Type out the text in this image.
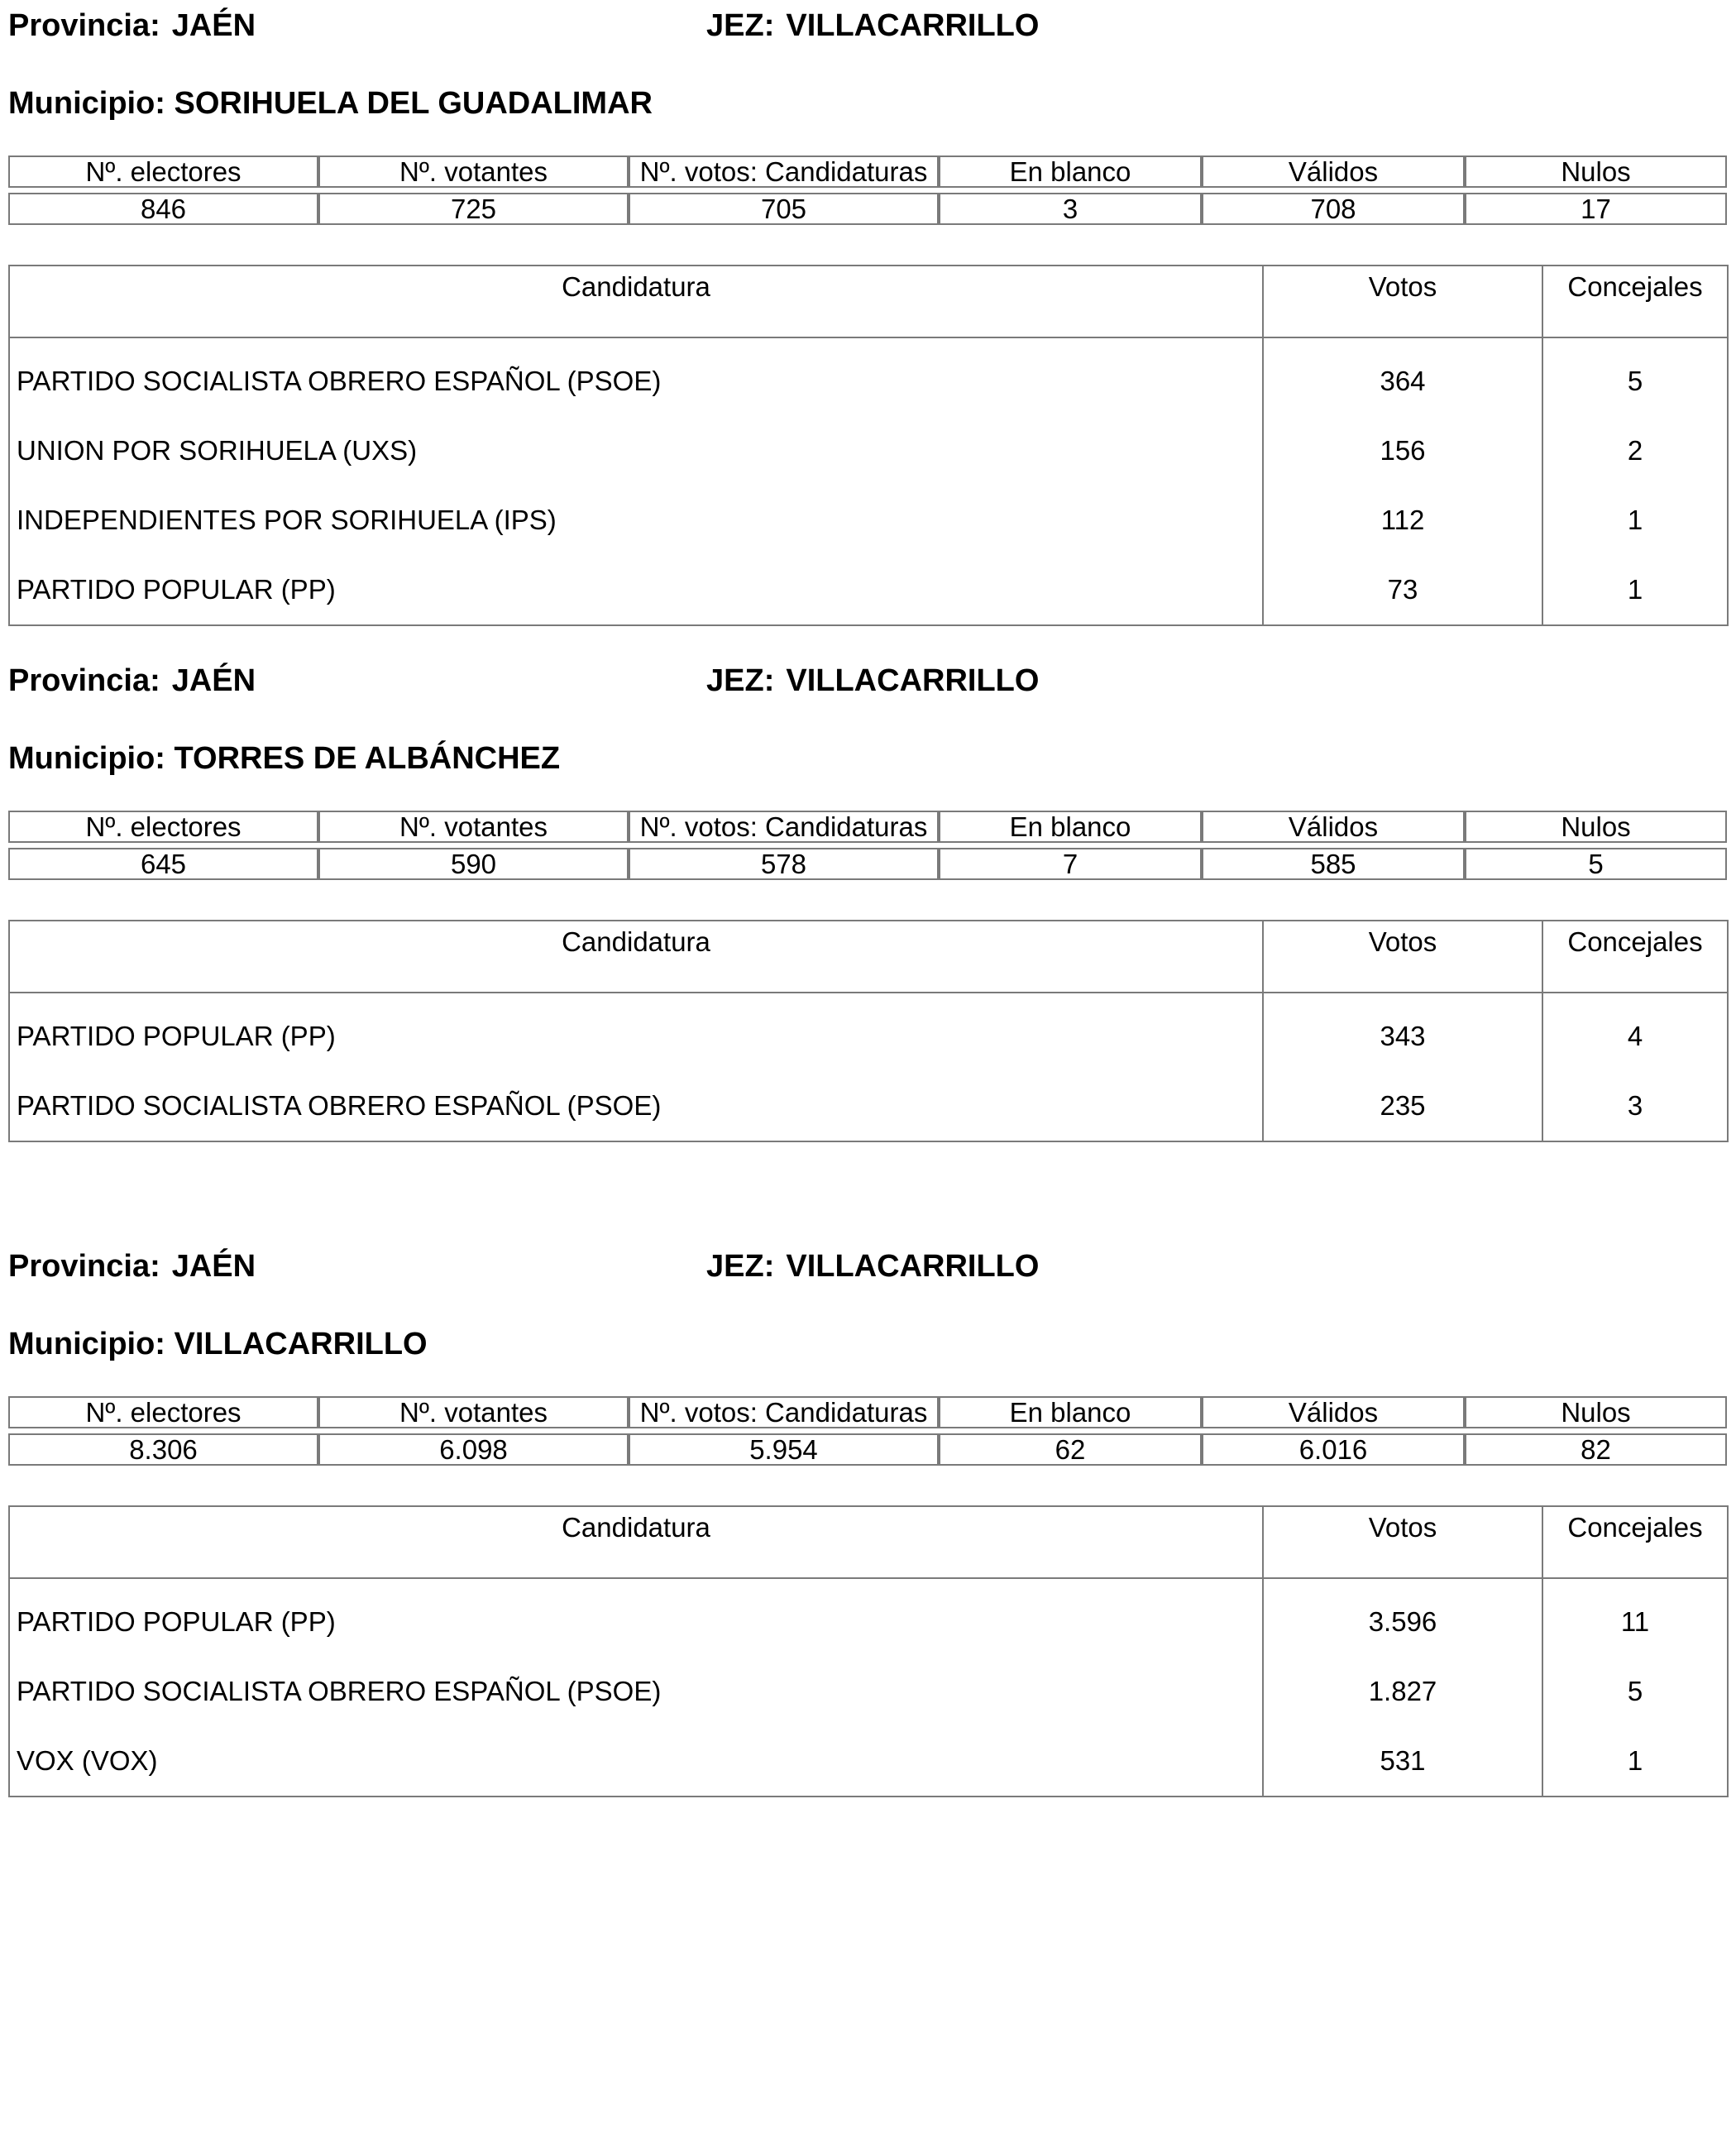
Provincia: JAÉN	JEZ: VILLACARRILLO
Municipio: SORIHUELA DEL GUADALIMAR
Nº. electores	Nº. votantes	Nº. votos: Candidaturas	En blanco	Válidos	Nulos

846	725	705	3	708	17
Candidatura	Votos	Concejales
PARTIDO SOCIALISTA OBRERO ESPAÑOL (PSOE)	364	5
UNION POR SORIHUELA (UXS)	156	2
INDEPENDIENTES POR SORIHUELA (IPS)	112	1
PARTIDO POPULAR (PP)	73	1
Provincia: JAÉN	JEZ: VILLACARRILLO
Municipio: TORRES DE ALBÁNCHEZ
Nº. electores	Nº. votantes	Nº. votos: Candidaturas	En blanco	Válidos	Nulos

645	590	578	7	585	5
Candidatura	Votos	Concejales
PARTIDO POPULAR (PP)	343	4
PARTIDO SOCIALISTA OBRERO ESPAÑOL (PSOE)	235	3
Provincia: JAÉN	JEZ: VILLACARRILLO
Municipio: VILLACARRILLO
Nº. electores	Nº. votantes	Nº. votos: Candidaturas	En blanco	Válidos	Nulos

8.306	6.098	5.954	62	6.016	82
Candidatura	Votos	Concejales
PARTIDO POPULAR (PP)	3.596	11
PARTIDO SOCIALISTA OBRERO ESPAÑOL (PSOE)	1.827	5
VOX (VOX)	531	1
